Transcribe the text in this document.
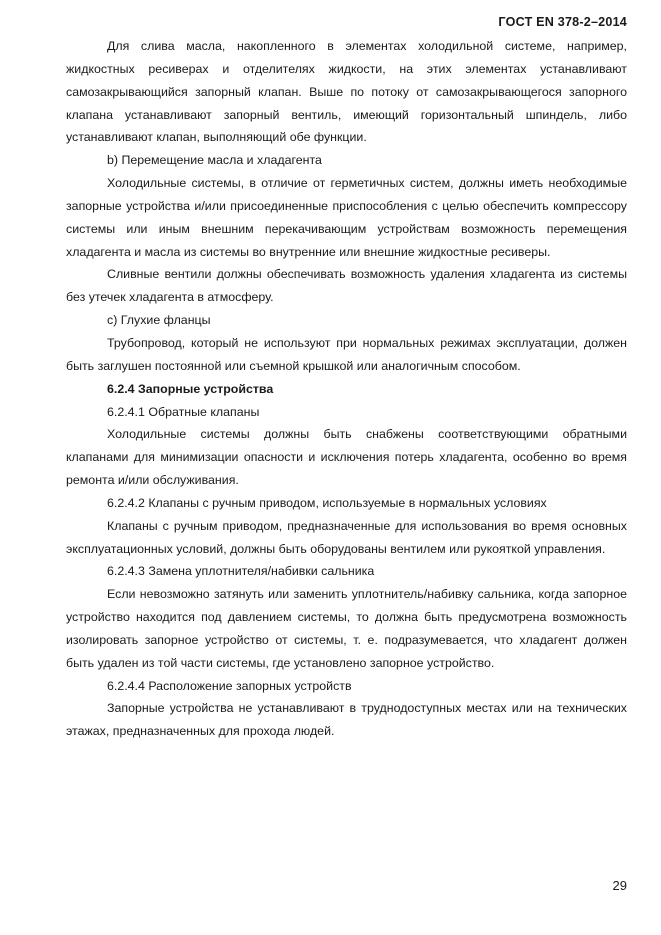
ГОСТ EN 378-2–2014

Для слива масла, накопленного в элементах холодильной системе, например, жидкостных ресиверах и отделителях жидкости, на этих элементах устанавливают самозакрывающийся запорный клапан. Выше по потоку от самозакрывающегося запорного клапана устанавливают запорный вентиль, имеющий горизонтальный шпиндель, либо устанавливают клапан, выполняющий обе функции.

b) Перемещение масла и хладагента

Холодильные системы, в отличие от герметичных систем, должны иметь необходимые запорные устройства и/или присоединенные приспособления с целью обеспечить компрессору системы или иным внешним перекачивающим устройствам возможность перемещения хладагента и масла из системы во внутренние или внешние жидкостные ресиверы.

Сливные вентили должны обеспечивать возможность удаления хладагента из системы без утечек хладагента в атмосферу.

c) Глухие фланцы

Трубопровод, который не используют при нормальных режимах эксплуатации, должен быть заглушен постоянной или съемной крышкой или аналогичным способом.

6.2.4 Запорные устройства

6.2.4.1 Обратные клапаны

Холодильные системы должны быть снабжены соответствующими обратными клапанами для минимизации опасности и исключения потерь хладагента, особенно во время ремонта и/или обслуживания.

6.2.4.2 Клапаны с ручным приводом, используемые в нормальных условиях

Клапаны с ручным приводом, предназначенные для использования во время основных эксплуатационных условий, должны быть оборудованы вентилем или рукояткой управления.

6.2.4.3 Замена уплотнителя/набивки сальника

Если невозможно затянуть или заменить уплотнитель/набивку сальника, когда запорное устройство находится под давлением системы, то должна быть предусмотрена возможность изолировать запорное устройство от системы, т. е. подразумевается, что хладагент должен быть удален из той части системы, где установлено запорное устройство.

6.2.4.4 Расположение запорных устройств

Запорные устройства не устанавливают в труднодоступных местах или на технических этажах, предназначенных для прохода людей.

29
